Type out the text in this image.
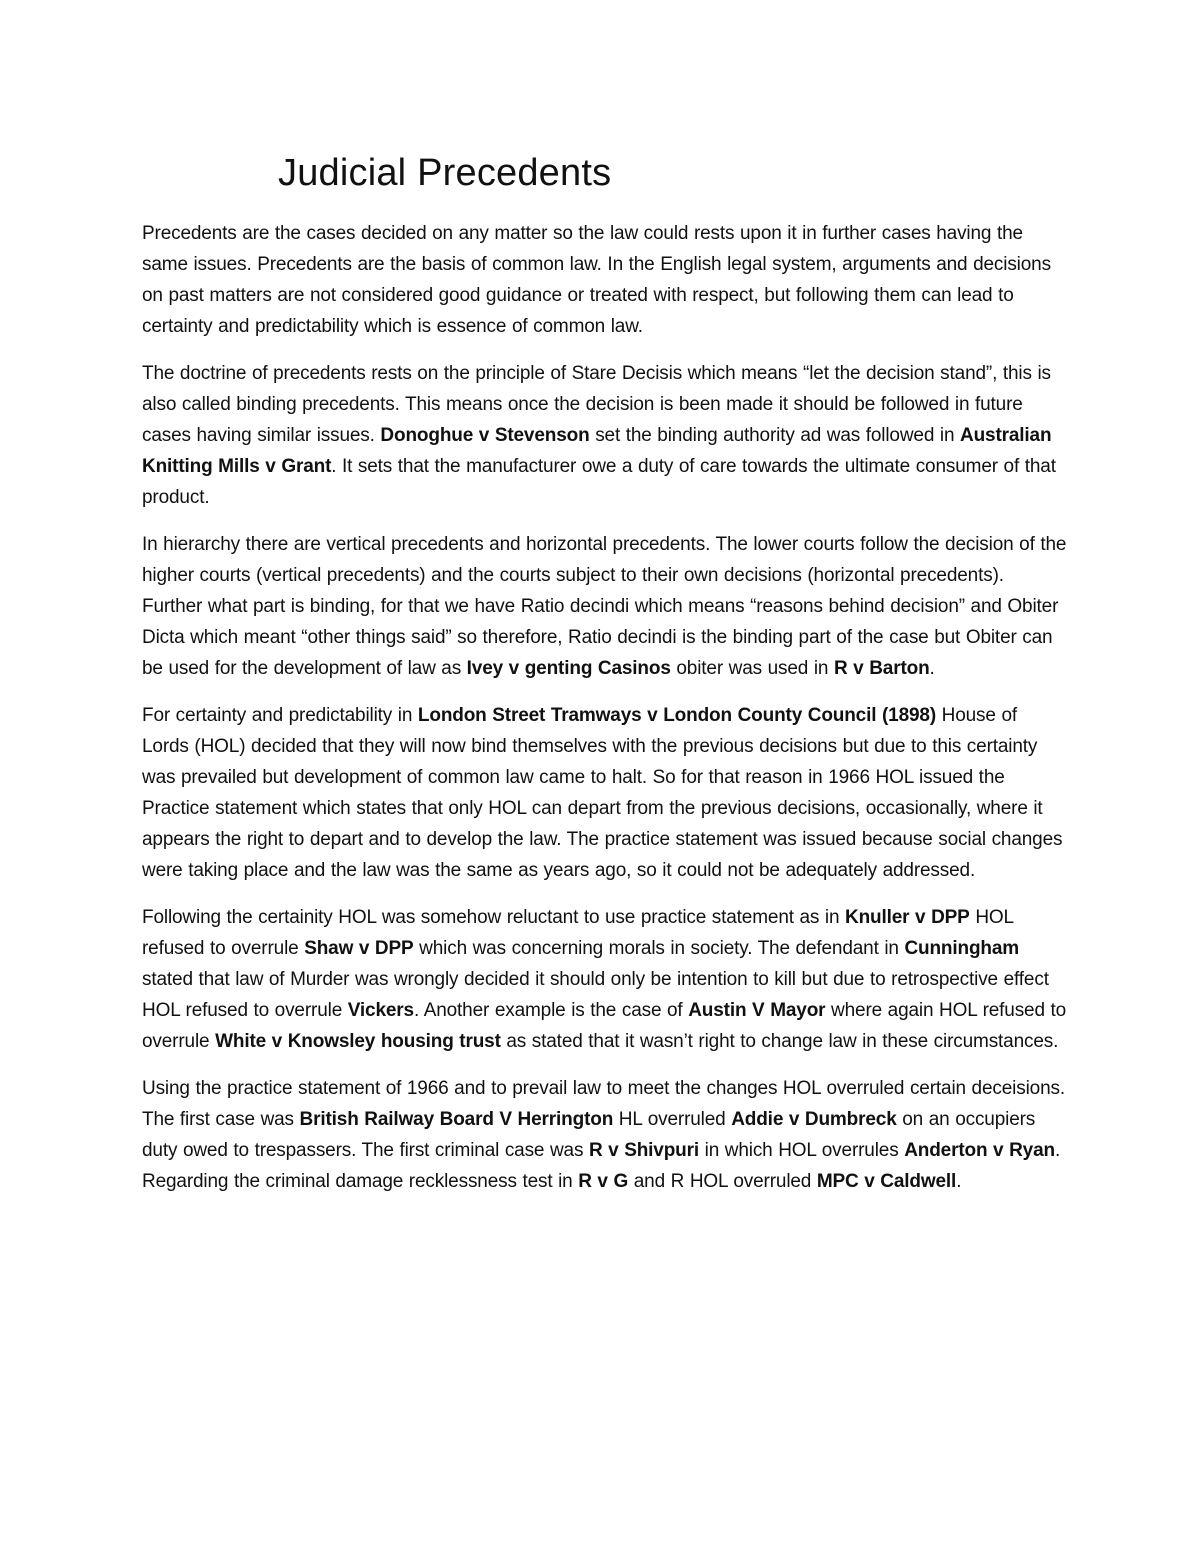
Judicial Precedents

Precedents are the cases decided on any matter so the law could rests upon it in further cases having the same issues. Precedents are the basis of common law. In the English legal system, arguments and decisions on past matters are not considered good guidance or treated with respect, but following them can lead to certainty and predictability which is essence of common law.

The doctrine of precedents rests on the principle of Stare Decisis which means “let the decision stand”, this is also called binding precedents. This means once the decision is been made it should be followed in future cases having similar issues. Donoghue v Stevenson set the binding authority ad was followed in Australian Knitting Mills v Grant. It sets that the manufacturer owe a duty of care towards the ultimate consumer of that product.

In hierarchy there are vertical precedents and horizontal precedents. The lower courts follow the decision of the higher courts (vertical precedents) and the courts subject to their own decisions (horizontal precedents). Further what part is binding, for that we have Ratio decindi which means “reasons behind decision” and Obiter Dicta which meant “other things said” so therefore, Ratio decindi is the binding part of the case but Obiter can be used for the development of law as Ivey v genting Casinos obiter was used in R v Barton.

For certainty and predictability in London Street Tramways v London County Council (1898) House of Lords (HOL) decided that they will now bind themselves with the previous decisions but due to this certainty was prevailed but development of common law came to halt. So for that reason in 1966 HOL issued the Practice statement which states that only HOL can depart from the previous decisions, occasionally, where it appears the right to depart and to develop the law. The practice statement was issued because social changes were taking place and the law was the same as years ago, so it could not be adequately addressed.

Following the certainity HOL was somehow reluctant to use practice statement as in Knuller v DPP HOL refused to overrule Shaw v DPP which was concerning morals in society. The defendant in Cunningham stated that law of Murder was wrongly decided it should only be intention to kill but due to retrospective effect HOL refused to overrule Vickers. Another example is the case of Austin V Mayor where again HOL refused to overrule White v Knowsley housing trust as stated that it wasn’t right to change law in these circumstances.

Using the practice statement of 1966 and to prevail law to meet the changes HOL overruled certain deceisions. The first case was British Railway Board V Herrington HL overruled Addie v Dumbreck on an occupiers duty owed to trespassers. The first criminal case was R v Shivpuri in which HOL overrules Anderton v Ryan. Regarding the criminal damage recklessness test in R v G and R HOL overruled MPC v Caldwell.
